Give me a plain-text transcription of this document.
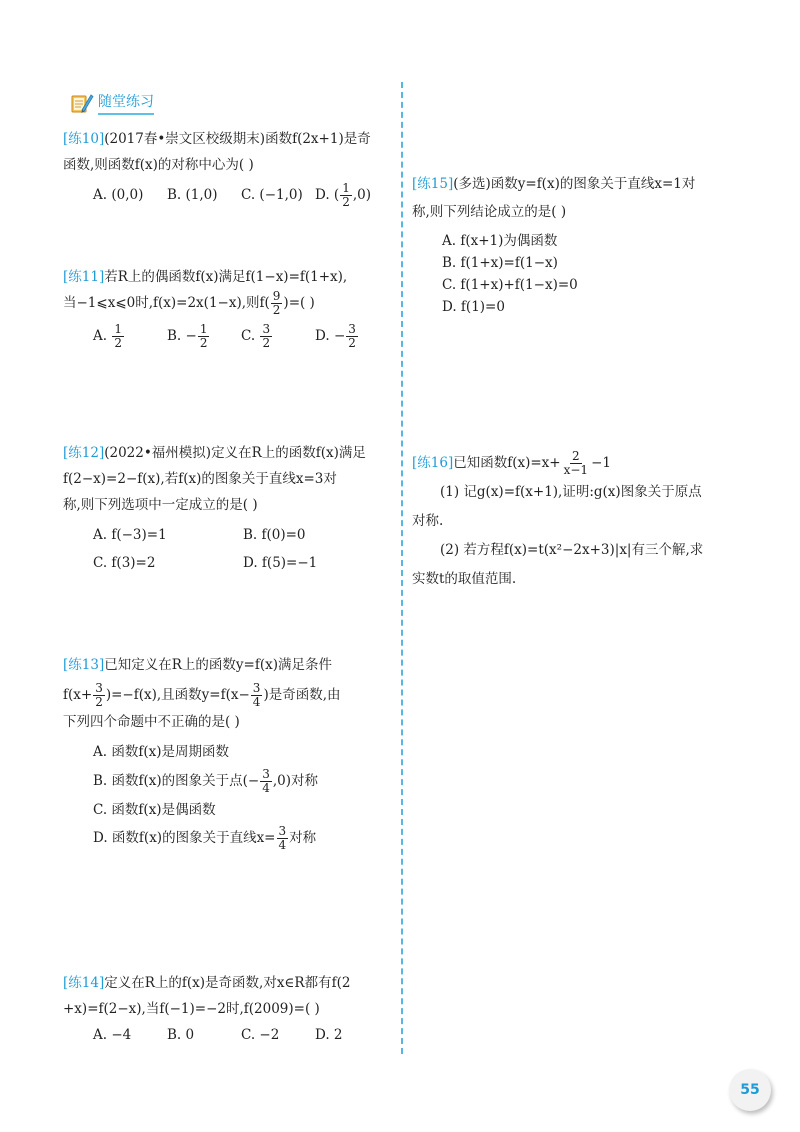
随堂练习
[练10](2017春•崇文区校级期末)函数f(2x+1)是奇
函数,则函数f(x)的对称中心为( )
A. (0,0)	B. (1,0)	C. (−1,0) D. ( $\frac{1}{2} ,0$)
[练11]若R上的偶函数f(x)满足f(1−x)=f(1+x),
当−1⩽x⩽0时,f(x)=2x(1−x),则$f( \frac{9}{2}$ )=( )
A. $\frac{1}{2}$	B. − $\frac{1}{2} C$. $\frac{3}{2}$	D. − $\frac{3}{2}$
[练12](2022•福州模拟)定义在R上的函数f(x)满足
f(2−x)=2−f(x),若f(x)的图象关于直线x=3对
称,则下列选项中一定成立的是( )
A. f(−3)=1	B. f(0)=0
C. f(3)=2	D. f(5)=−1
[练13]已知定义在R上的函数y=f(x)满足条件
$f(x+ \frac{3}{2} )=-f(x)$,且函数$y=f(x- \frac{3}{4}$ )是奇函数,由
下列四个命题中不正确的是( )
A. 函数f(x)是周期函数
B. 函数f(x)的图象关于点(− $\frac{3}{4} ,0$)对称
C. 函数f(x)是偶函数
D. 函数f(x)的图象关于直线$x= \frac{3}{4}$ 对称
[练14]定义在R上的f(x)是奇函数,对x∈R都有f(2
+x)=f(2−x),当f(−1)=−2时,f(2009)=( )
A. −4	B. 0	C. −2	D. 2
[练15](多选)函数y=f(x)的图象关于直线x=1对
称,则下列结论成立的是( )
A. f(x+1)为偶函数
B. f(1+x)=f(1−x)
C. f(1+x)+f(1−x)=0
D. f(1)=0
[练16]已知函数$f(x)=x+ \frac{2}{x-1} -1$
(1) 记g(x)=f(x+1),证明:g(x)图象关于原点
对称.
(2) 若方程f(x)=t(x²−2x+3)|x|有三个解,求
实数t的取值范围.
55
